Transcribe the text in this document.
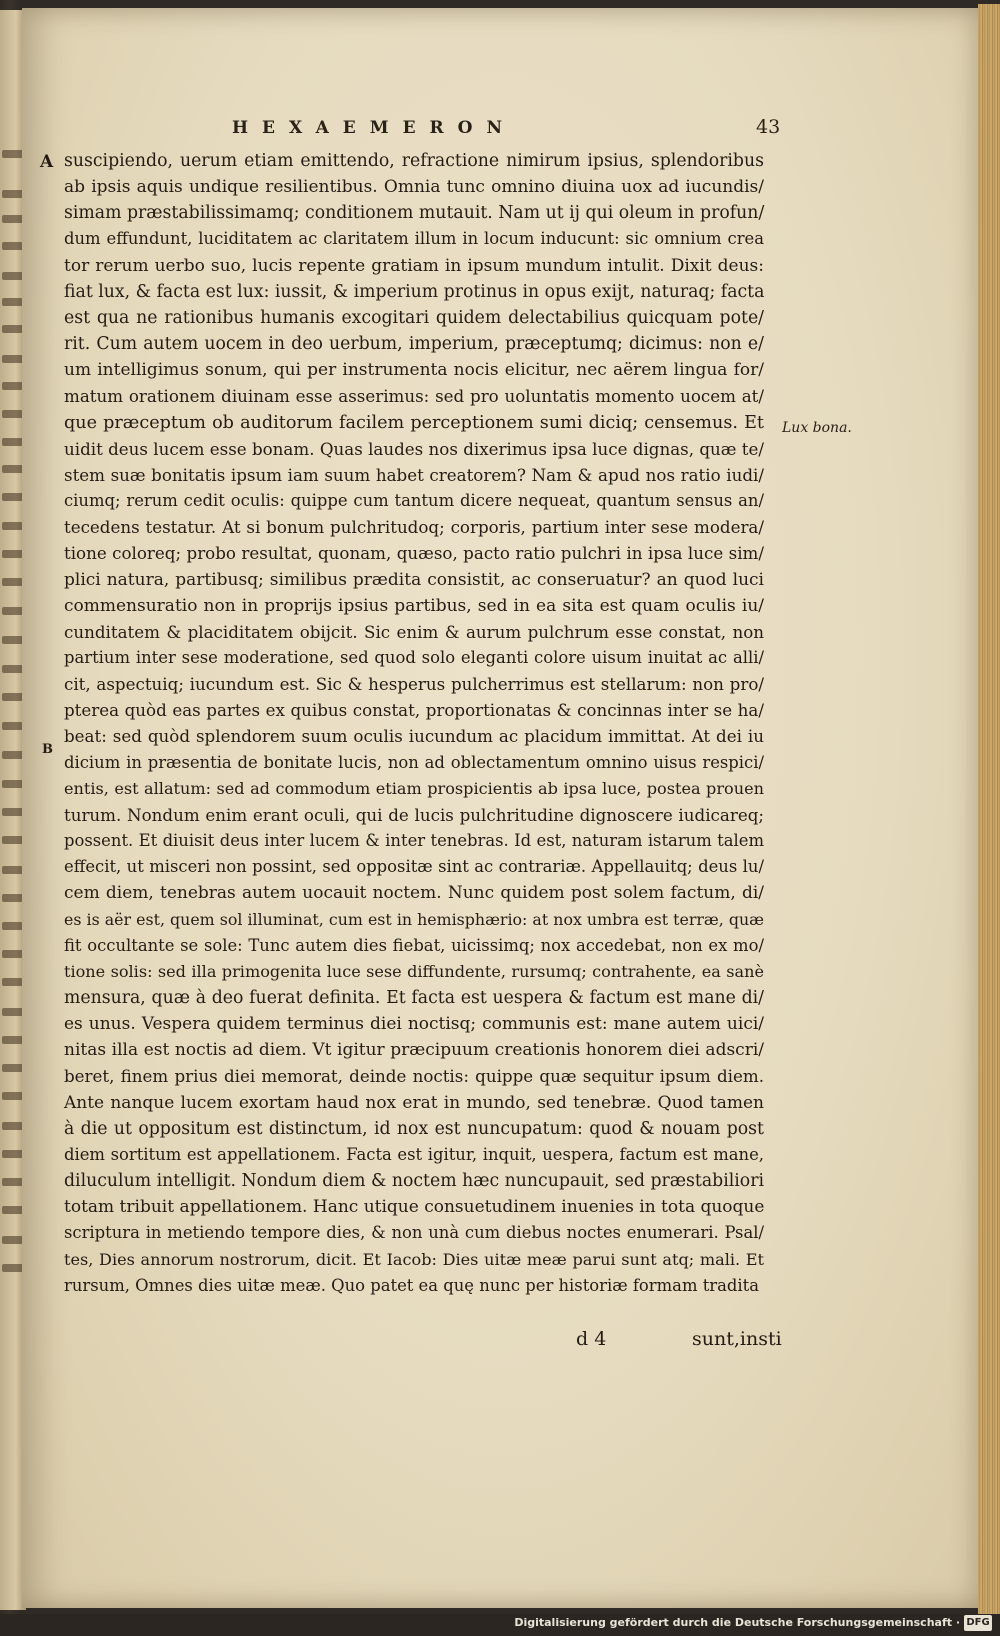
HEXAEMERON	43
A
B
Lux bona.
suscipiendo, uerum etiam emittendo, refractione nimirum ipsius, splendoribus
ab ipsis aquis undique resilientibus. Omnia tunc omnino diuina uox ad iucundis/
simam præstabilissimamq; conditionem mutauit. Nam ut ij qui oleum in profun/
dum effundunt, luciditatem ac claritatem illum in locum inducunt: sic omnium crea
tor rerum uerbo suo, lucis repente gratiam in ipsum mundum intulit. Dixit deus:
fiat lux, & facta est lux: iussit, & imperium protinus in opus exijt, naturaq; facta
est qua ne rationibus humanis excogitari quidem delectabilius quicquam pote/
rit. Cum autem uocem in deo uerbum, imperium, præceptumq; dicimus: non e/
um intelligimus sonum, qui per instrumenta nocis elicitur, nec aërem lingua for/
matum orationem diuinam esse asserimus: sed pro uoluntatis momento uocem at/
que præceptum ob auditorum facilem perceptionem sumi diciq; censemus. Et
uidit deus lucem esse bonam. Quas laudes nos dixerimus ipsa luce dignas, quæ te/
stem suæ bonitatis ipsum iam suum habet creatorem? Nam & apud nos ratio iudi/
ciumq; rerum cedit oculis: quippe cum tantum dicere nequeat, quantum sensus an/
tecedens testatur. At si bonum pulchritudoq; corporis, partium inter sese modera/
tione coloreq; probo resultat, quonam, quæso, pacto ratio pulchri in ipsa luce sim/
plici natura, partibusq; similibus prædita consistit, ac conseruatur? an quod luci
commensuratio non in proprijs ipsius partibus, sed in ea sita est quam oculis iu/
cunditatem & placiditatem obijcit. Sic enim & aurum pulchrum esse constat, non
partium inter sese moderatione, sed quod solo eleganti colore uisum inuitat ac alli/
cit, aspectuiq; iucundum est. Sic & hesperus pulcherrimus est stellarum: non pro/
pterea quòd eas partes ex quibus constat, proportionatas & concinnas inter se ha/
beat: sed quòd splendorem suum oculis iucundum ac placidum immittat. At dei iu
dicium in præsentia de bonitate lucis, non ad oblectamentum omnino uisus respici/
entis, est allatum: sed ad commodum etiam prospicientis ab ipsa luce, postea prouen
turum. Nondum enim erant oculi, qui de lucis pulchritudine dignoscere iudicareq;
possent. Et diuisit deus inter lucem & inter tenebras. Id est, naturam istarum talem
effecit, ut misceri non possint, sed oppositæ sint ac contrariæ. Appellauitq; deus lu/
cem diem, tenebras autem uocauit noctem. Nunc quidem post solem factum, di/
es is aër est, quem sol illuminat, cum est in hemisphærio: at nox umbra est terræ, quæ
fit occultante se sole: Tunc autem dies fiebat, uicissimq; nox accedebat, non ex mo/
tione solis: sed illa primogenita luce sese diffundente, rursumq; contrahente, ea sanè
mensura, quæ à deo fuerat definita. Et facta est uespera & factum est mane di/
es unus. Vespera quidem terminus diei noctisq; communis est: mane autem uici/
nitas illa est noctis ad diem. Vt igitur præcipuum creationis honorem diei adscri/
beret, finem prius diei memorat, deinde noctis: quippe quæ sequitur ipsum diem.
Ante nanque lucem exortam haud nox erat in mundo, sed tenebræ. Quod tamen
à die ut oppositum est distinctum, id nox est nuncupatum: quod & nouam post
diem sortitum est appellationem. Facta est igitur, inquit, uespera, factum est mane,
diluculum intelligit. Nondum diem & noctem hæc nuncupauit, sed præstabiliori
totam tribuit appellationem. Hanc utique consuetudinem inuenies in tota quoque
scriptura in metiendo tempore dies, & non unà cum diebus noctes enumerari. Psal/
tes, Dies annorum nostrorum, dicit. Et Iacob: Dies uitæ meæ parui sunt atq; mali. Et
rursum, Omnes dies uitæ meæ. Quo patet ea quę nunc per historiæ formam tradita
d 4	sunt,insti
Digitalisierung gefördert durch die Deutsche Forschungsgemeinschaft · DFG
